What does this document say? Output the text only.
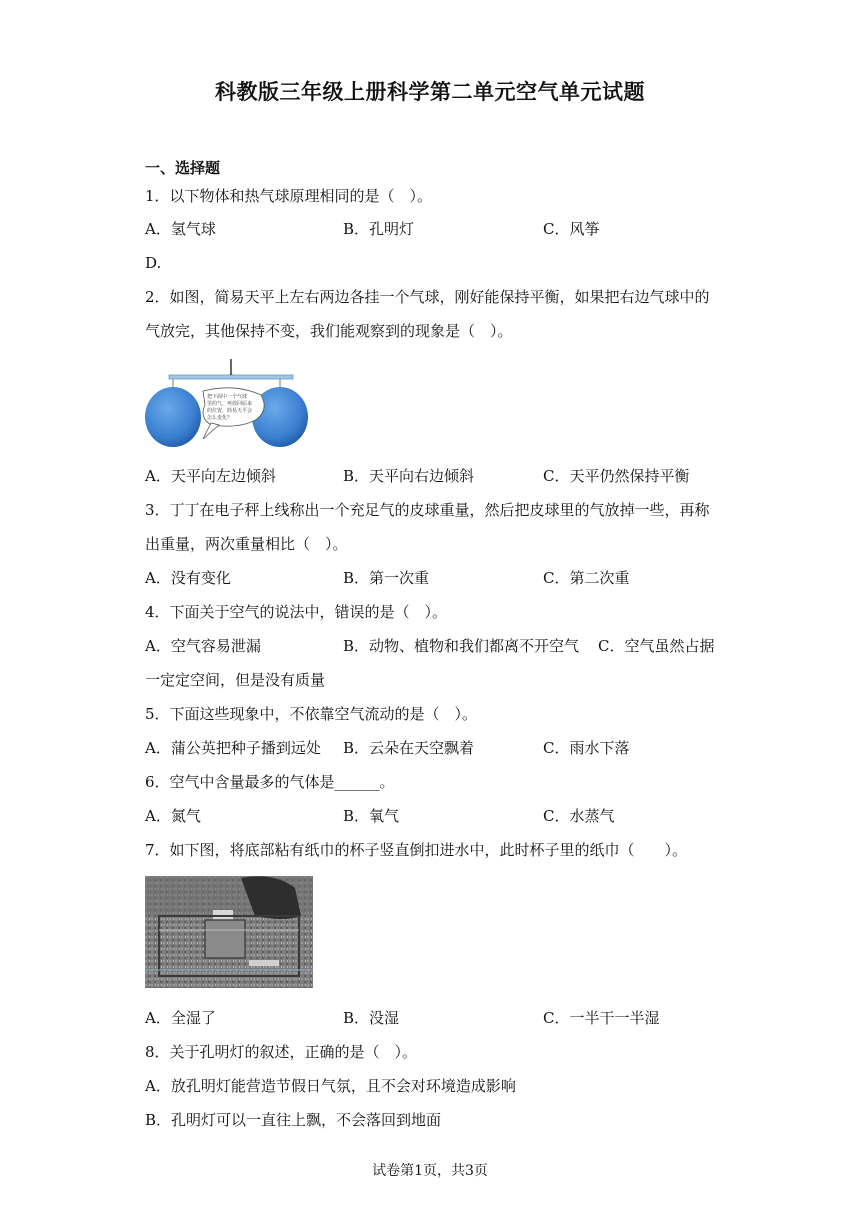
科教版三年级上册科学第二单元空气单元试题
一、选择题
1．以下物体和热气球原理相同的是（　）。
A．氢气球	B．孔明灯	C．风筝
D.
2．如图，简易天平上左右两边各挂一个气球，刚好能保持平衡，如果把右边气球中的
气放完，其他保持不变，我们能观察到的现象是（　）。
把下面中一个气球
里的气，再放回原来
的位置，简易天平会
怎么变化？
A．天平向左边倾斜	B．天平向右边倾斜	C．天平仍然保持平衡
3．丁丁在电子秤上线称出一个充足气的皮球重量，然后把皮球里的气放掉一些，再称
出重量，两次重量相比（　）。
A．没有变化	B．第一次重	C．第二次重
4．下面关于空气的说法中，错误的是（　）。
A．空气容易泄漏	B．动物、植物和我们都离不开空气 C．空气虽然占据
一定定空间，但是没有质量
5．下面这些现象中，不依靠空气流动的是（　）。
A．蒲公英把种子播到远处 B．云朵在天空飘着	C．雨水下落
6．空气中含量最多的气体是______。
A．氮气	B．氧气	C．水蒸气
7．如下图，将底部粘有纸巾的杯子竖直倒扣进水中，此时杯子里的纸巾（　　）。
A．全湿了	B．没湿	C．一半干一半湿
8．关于孔明灯的叙述，正确的是（　）。
A．放孔明灯能营造节假日气氛，且不会对环境造成影响
B．孔明灯可以一直往上飘，不会落回到地面
试卷第1页，共3页
